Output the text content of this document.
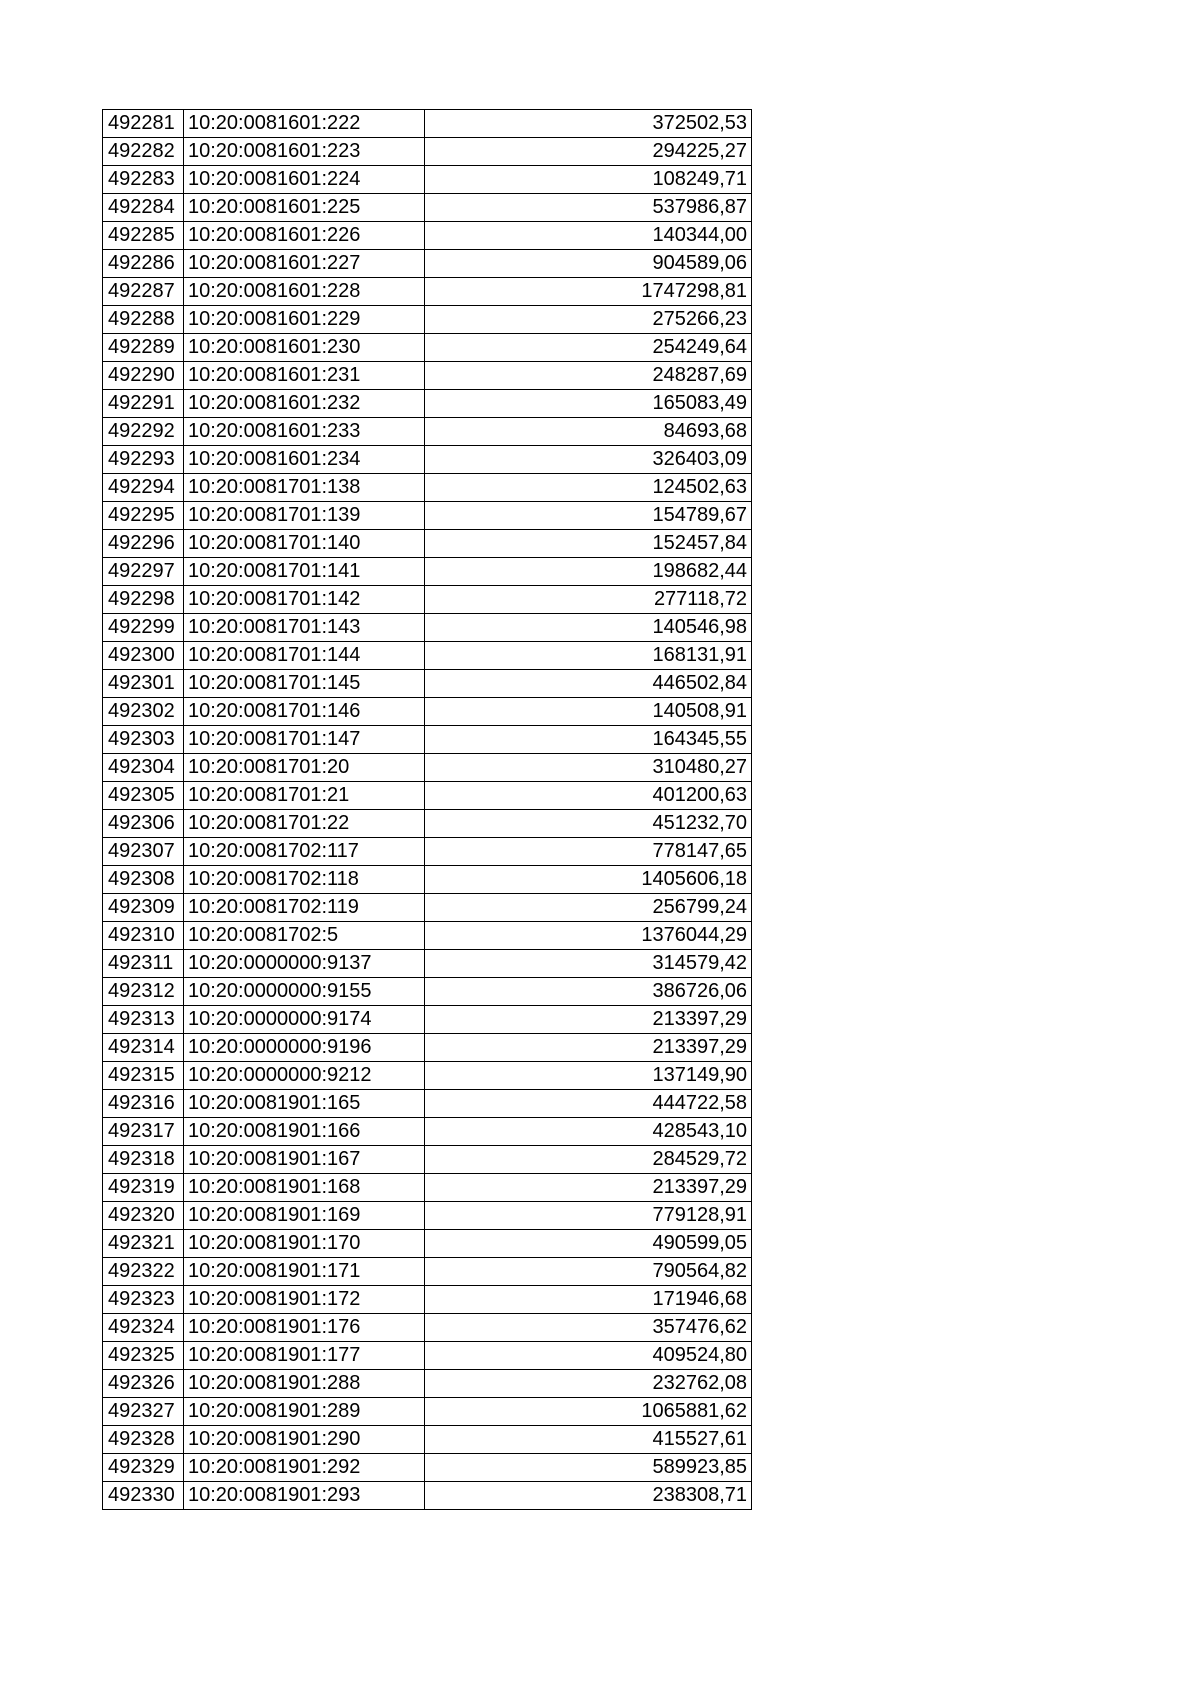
492281	10:20:0081601:222	372502,53
492282	10:20:0081601:223	294225,27
492283	10:20:0081601:224	108249,71
492284	10:20:0081601:225	537986,87
492285	10:20:0081601:226	140344,00
492286	10:20:0081601:227	904589,06
492287	10:20:0081601:228	1747298,81
492288	10:20:0081601:229	275266,23
492289	10:20:0081601:230	254249,64
492290	10:20:0081601:231	248287,69
492291	10:20:0081601:232	165083,49
492292	10:20:0081601:233	84693,68
492293	10:20:0081601:234	326403,09
492294	10:20:0081701:138	124502,63
492295	10:20:0081701:139	154789,67
492296	10:20:0081701:140	152457,84
492297	10:20:0081701:141	198682,44
492298	10:20:0081701:142	277118,72
492299	10:20:0081701:143	140546,98
492300	10:20:0081701:144	168131,91
492301	10:20:0081701:145	446502,84
492302	10:20:0081701:146	140508,91
492303	10:20:0081701:147	164345,55
492304	10:20:0081701:20	310480,27
492305	10:20:0081701:21	401200,63
492306	10:20:0081701:22	451232,70
492307	10:20:0081702:117	778147,65
492308	10:20:0081702:118	1405606,18
492309	10:20:0081702:119	256799,24
492310	10:20:0081702:5	1376044,29
492311	10:20:0000000:9137	314579,42
492312	10:20:0000000:9155	386726,06
492313	10:20:0000000:9174	213397,29
492314	10:20:0000000:9196	213397,29
492315	10:20:0000000:9212	137149,90
492316	10:20:0081901:165	444722,58
492317	10:20:0081901:166	428543,10
492318	10:20:0081901:167	284529,72
492319	10:20:0081901:168	213397,29
492320	10:20:0081901:169	779128,91
492321	10:20:0081901:170	490599,05
492322	10:20:0081901:171	790564,82
492323	10:20:0081901:172	171946,68
492324	10:20:0081901:176	357476,62
492325	10:20:0081901:177	409524,80
492326	10:20:0081901:288	232762,08
492327	10:20:0081901:289	1065881,62
492328	10:20:0081901:290	415527,61
492329	10:20:0081901:292	589923,85
492330	10:20:0081901:293	238308,71
